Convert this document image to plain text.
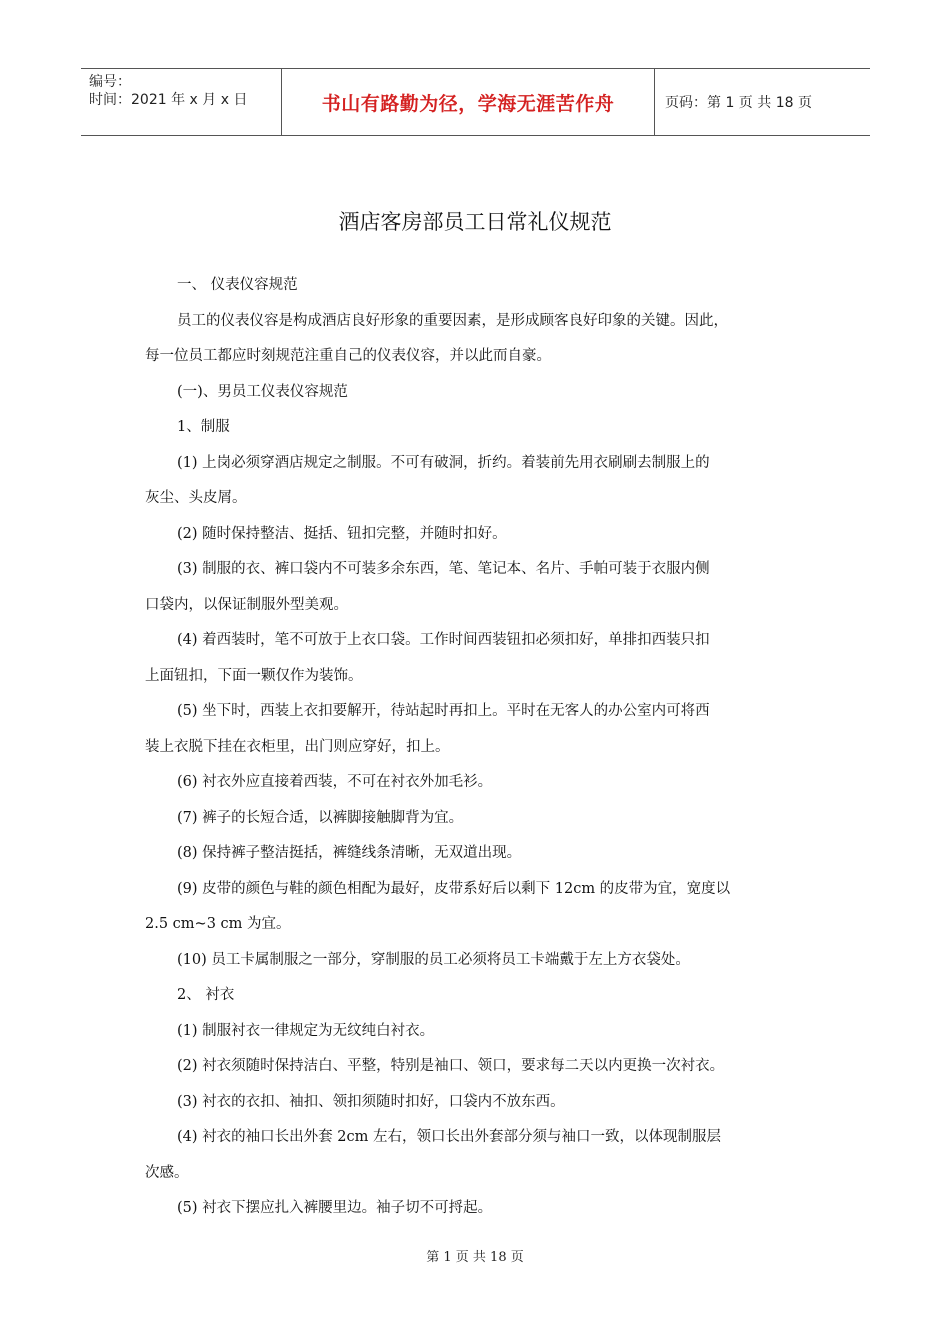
编号：
时间：2021 年 x 月 x 日	书山有路勤为径，学海无涯苦作舟	页码：第 1 页 共 18 页
酒店客房部员工日常礼仪规范
一、 仪表仪容规范
员工的仪表仪容是构成酒店良好形象的重要因素，是形成顾客良好印象的关键。因此，
每一位员工都应时刻规范注重自己的仪表仪容，并以此而自豪。
(一)、男员工仪表仪容规范
1、制服
(1) 上岗必须穿酒店规定之制服。不可有破洞，折约。着装前先用衣刷刷去制服上的
灰尘、头皮屑。
(2) 随时保持整洁、挺括、钮扣完整，并随时扣好。
(3) 制服的衣、裤口袋内不可装多余东西，笔、笔记本、名片、手帕可装于衣服内侧
口袋内，以保证制服外型美观。
(4) 着西装时，笔不可放于上衣口袋。工作时间西装钮扣必须扣好，单排扣西装只扣
上面钮扣，下面一颗仅作为装饰。
(5) 坐下时，西装上衣扣要解开，待站起时再扣上。平时在无客人的办公室内可将西
装上衣脱下挂在衣柜里，出门则应穿好，扣上。
(6) 衬衣外应直接着西装，不可在衬衣外加毛衫。
(7) 裤子的长短合适，以裤脚接触脚背为宜。
(8) 保持裤子整洁挺括，裤缝线条清晰，无双道出现。
(9) 皮带的颜色与鞋的颜色相配为最好，皮带系好后以剩下 12cm 的皮带为宜，宽度以
2.5 cm~3 cm 为宜。
(10) 员工卡属制服之一部分，穿制服的员工必须将员工卡端戴于左上方衣袋处。
2、 衬衣
(1) 制服衬衣一律规定为无纹纯白衬衣。
(2) 衬衣须随时保持洁白、平整，特别是袖口、领口，要求每二天以内更换一次衬衣。
(3) 衬衣的衣扣、袖扣、领扣须随时扣好，口袋内不放东西。
(4) 衬衣的袖口长出外套 2cm 左右，领口长出外套部分须与袖口一致，以体现制服层
次感。
(5) 衬衣下摆应扎入裤腰里边。袖子切不可捋起。
第 1 页 共 18 页
